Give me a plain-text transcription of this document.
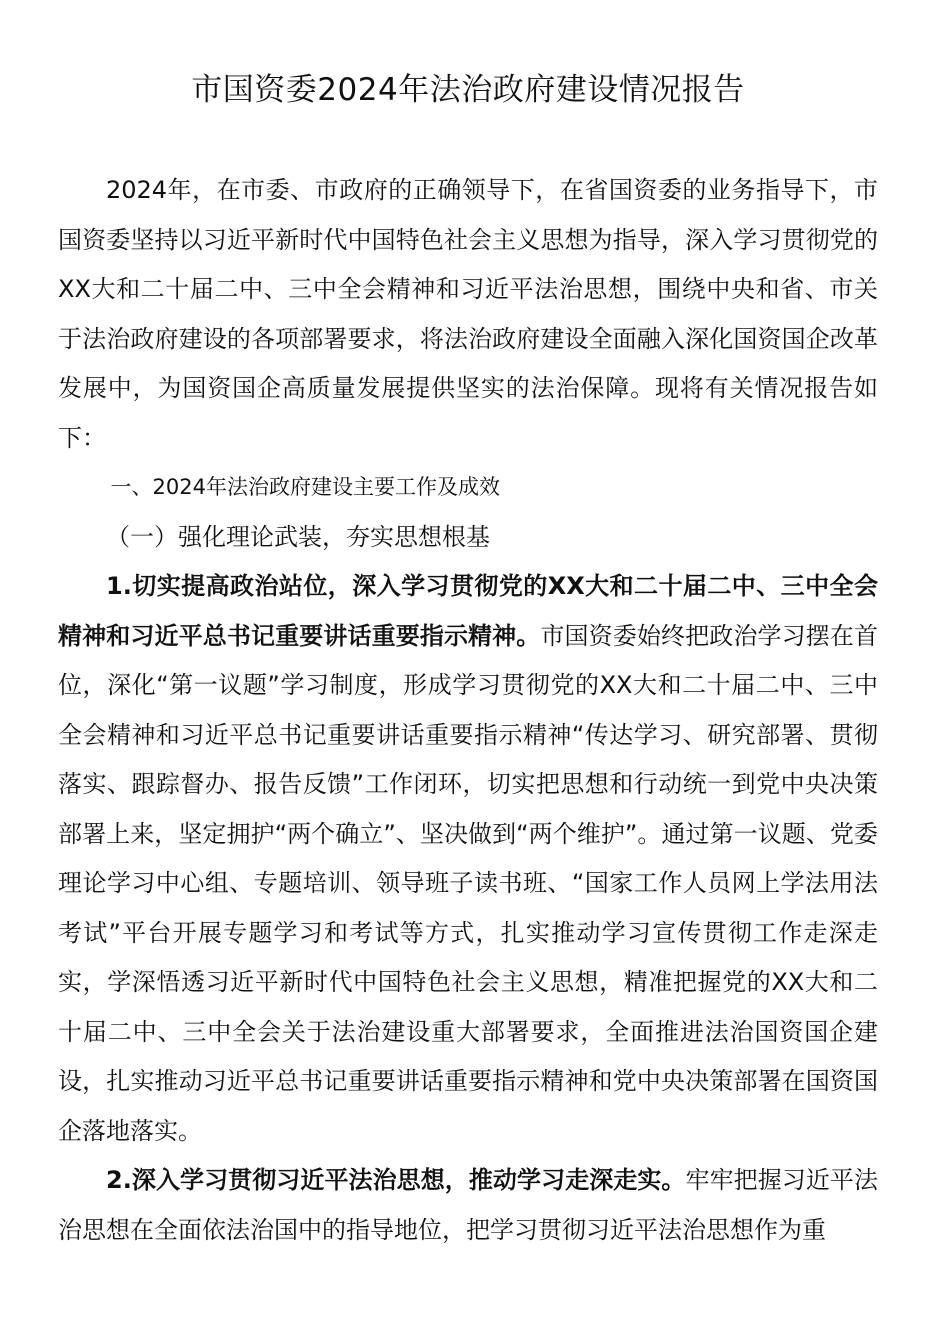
市国资委2024年法治政府建设情况报告

2024年，在市委、市政府的正确领导下，在省国资委的业务指导下，市国资委坚持以习近平新时代中国特色社会主义思想为指导，深入学习贯彻党的XX大和二十届二中、三中全会精神和习近平法治思想，围绕中央和省、市关于法治政府建设的各项部署要求，将法治政府建设全面融入深化国资国企改革发展中，为国资国企高质量发展提供坚实的法治保障。现将有关情况报告如下：

一、2024年法治政府建设主要工作及成效

（一）强化理论武装，夯实思想根基

1.切实提高政治站位，深入学习贯彻党的XX大和二十届二中、三中全会精神和习近平总书记重要讲话重要指示精神。市国资委始终把政治学习摆在首位，深化“第一议题”学习制度，形成学习贯彻党的XX大和二十届二中、三中全会精神和习近平总书记重要讲话重要指示精神“传达学习、研究部署、贯彻落实、跟踪督办、报告反馈”工作闭环，切实把思想和行动统一到党中央决策部署上来，坚定拥护“两个确立”、坚决做到“两个维护”。通过第一议题、党委理论学习中心组、专题培训、领导班子读书班、“国家工作人员网上学法用法考试”平台开展专题学习和考试等方式，扎实推动学习宣传贯彻工作走深走实，学深悟透习近平新时代中国特色社会主义思想，精准把握党的XX大和二十届二中、三中全会关于法治建设重大部署要求，全面推进法治国资国企建设，扎实推动习近平总书记重要讲话重要指示精神和党中央决策部署在国资国企落地落实。

2.深入学习贯彻习近平法治思想，推动学习走深走实。牢牢把握习近平法治思想在全面依法治国中的指导地位，把学习贯彻习近平法治思想作为重
